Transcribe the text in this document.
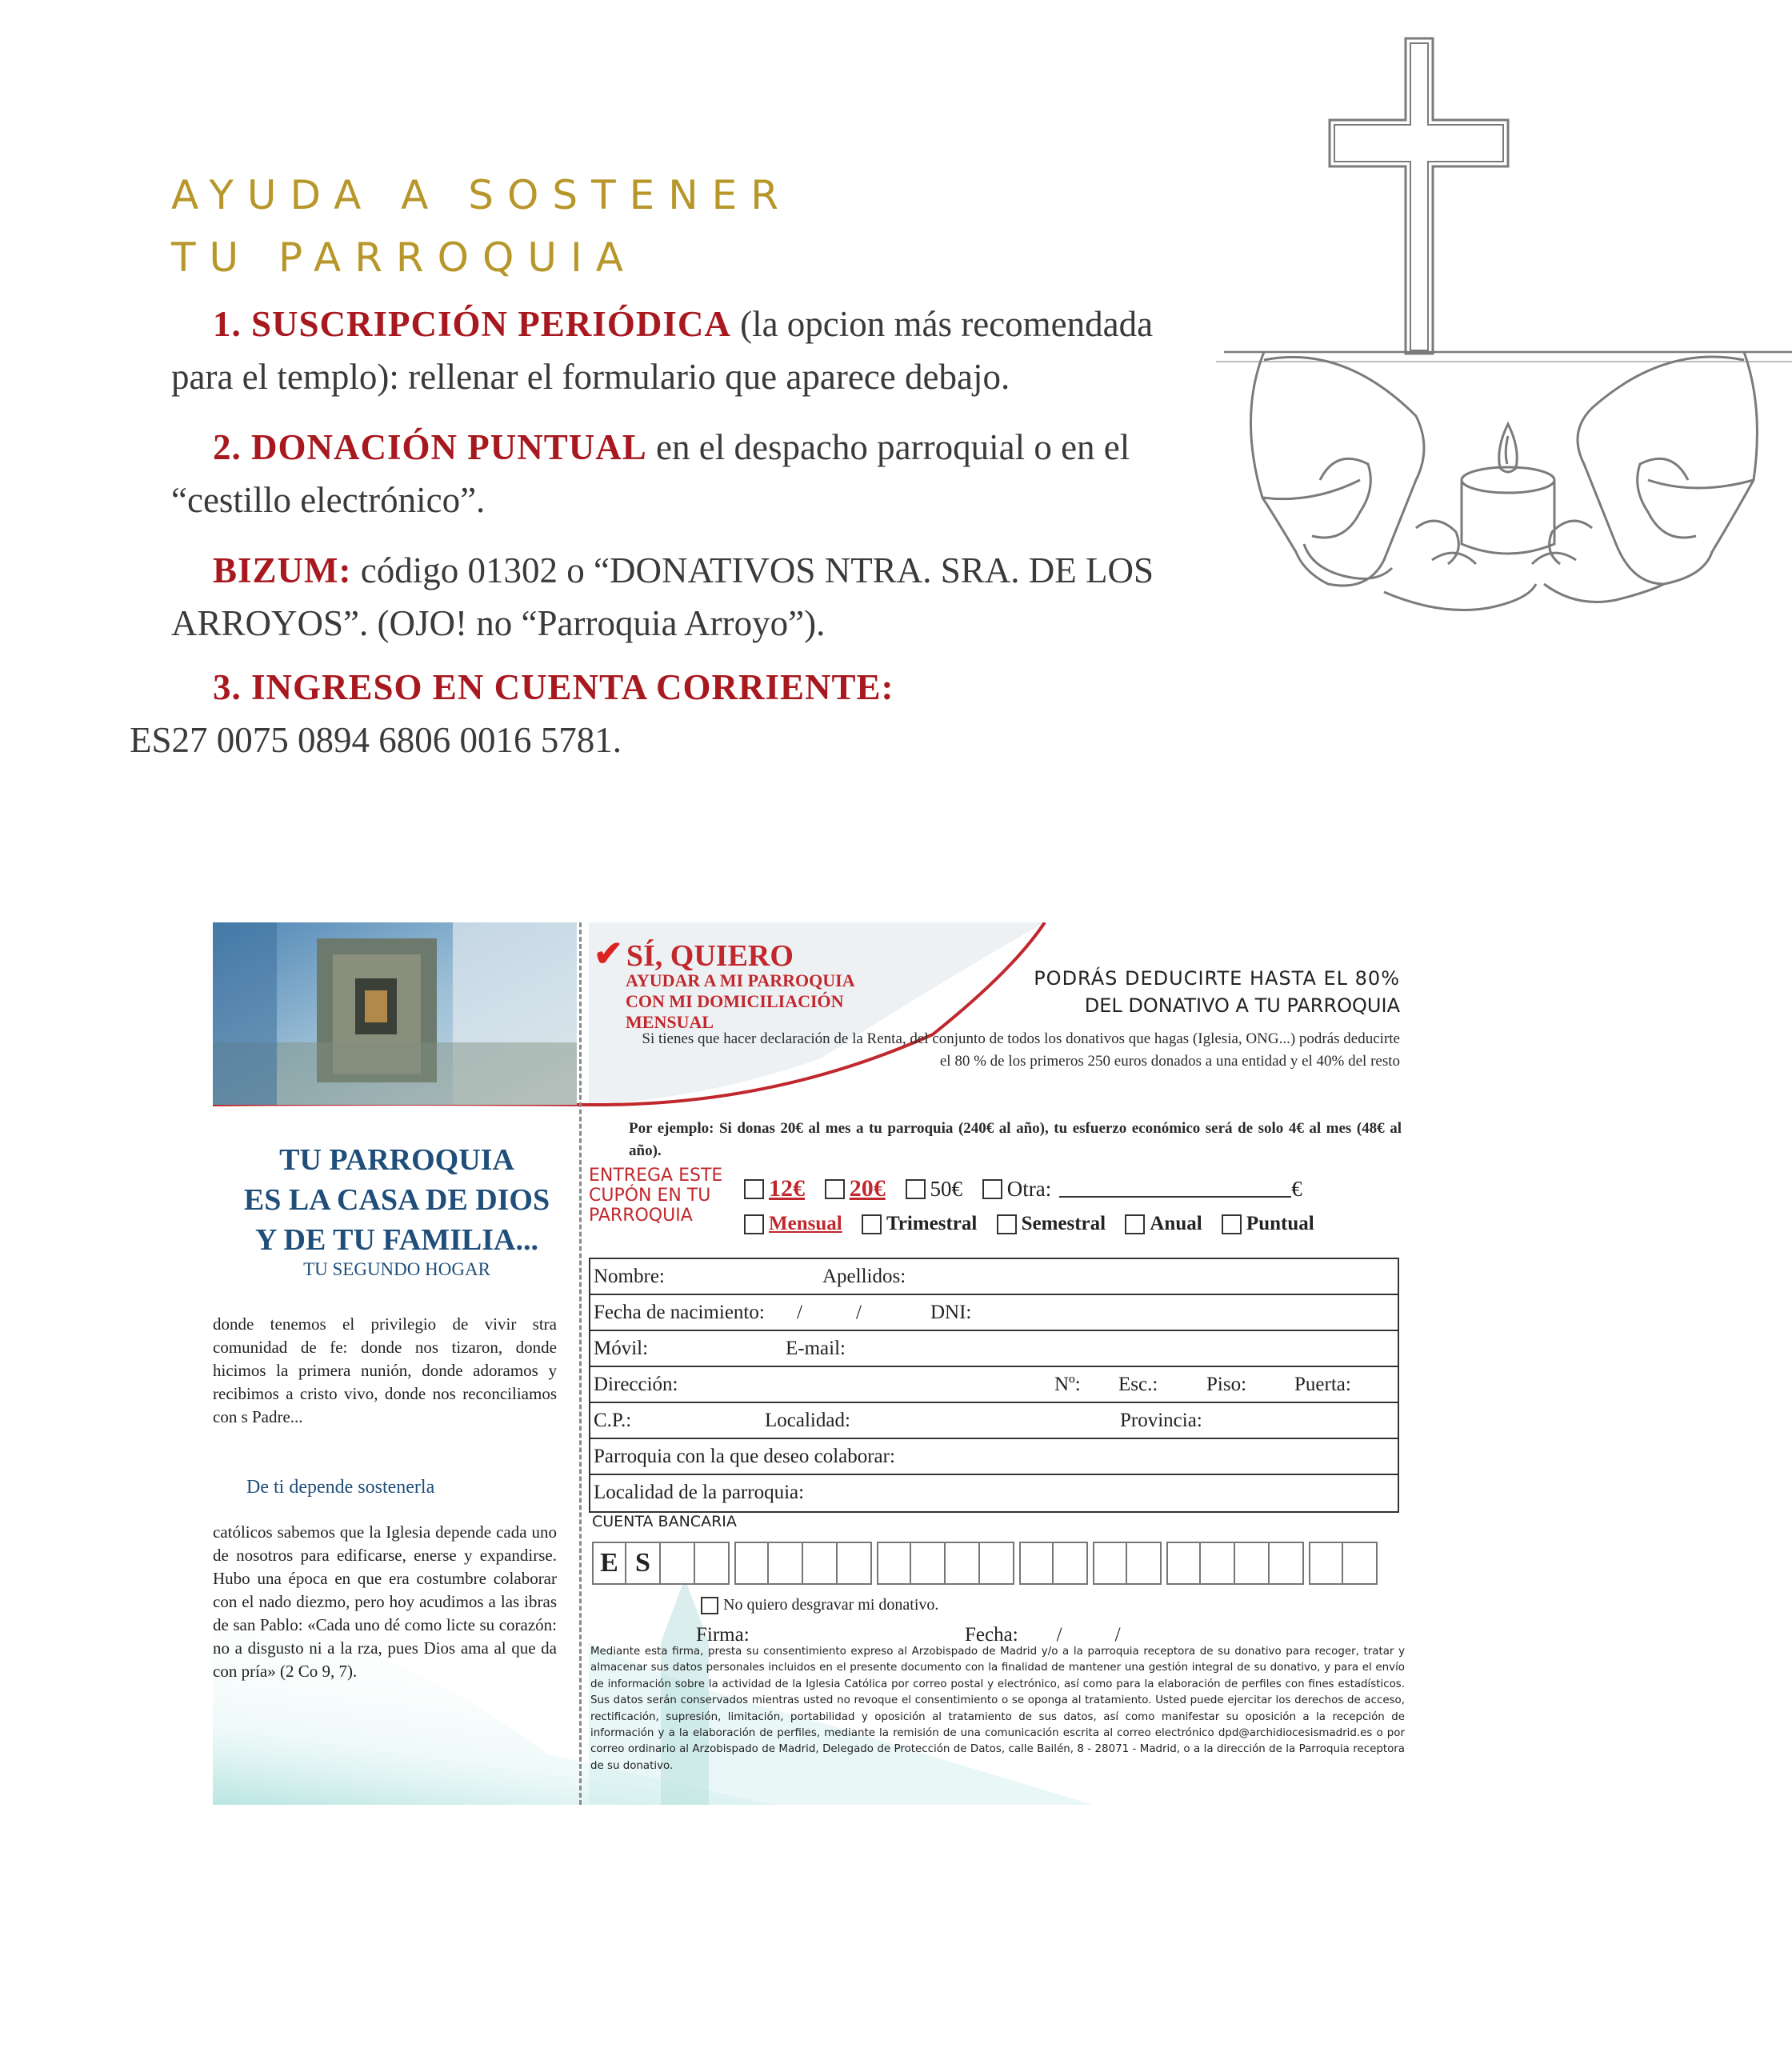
AYUDA A SOSTENER
TU PARROQUIA

1. SUSCRIPCIÓN PERIÓDICA (la opcion más recomendada para el templo): rellenar el formulario que aparece debajo.

2. DONACIÓN PUNTUAL en el despacho parroquial o en el “cestillo electrónico”.

BIZUM: código 01302 o “DONATIVOS NTRA. SRA. DE LOS ARROYOS”. (OJO! no “Parroquia Arroyo”).

3. INGRESO EN CUENTA CORRIENTE:
ES27 0075 0894 6806 0016 5781.

TU PARROQUIA
ES LA CASA DE DIOS
Y DE TU FAMILIA...
TU SEGUNDO HOGAR
donde tenemos el privilegio de vivir stra comunidad de fe: donde nos tizaron, donde hicimos la primera nunión, donde adoramos y recibimos a cristo vivo, donde nos reconciliamos con s Padre...
De ti depende sostenerla
católicos sabemos que la Iglesia depende cada uno de nosotros para edificarse, enerse y expandirse. Hubo una época en que era costumbre colaborar con el nado diezmo, pero hoy acudimos a las ibras de san Pablo: «Cada uno dé como licte su corazón: no a disgusto ni a la rza, pues Dios ama al que da con pría» (2 Co 9, 7).
✔ SÍ, QUIERO
AYUDAR A MI PARROQUIA
CON MI DOMICILIACIÓN
MENSUAL
PODRÁS DEDUCIRTE HASTA EL 80%
DEL DONATIVO A TU PARROQUIA
Si tienes que hacer declaración de la Renta, del conjunto de todos los donativos que hagas (Iglesia, ONG...) podrás deducirte el 80 % de los primeros 250 euros donados a una entidad y el 40% del resto
Por ejemplo: Si donas 20€ al mes a tu parroquia (240€ al año), tu esfuerzo económico será de solo 4€ al mes (48€ al año).
ENTREGA ESTE
CUPÓN EN TU
PARROQUIA
12€
20€
50€
Otra:	€
Mensual
Trimestral
Semestral
Anual
Puntual
Nombre:	Apellidos:
Fecha de nacimiento: /	/	DNI:
Móvil:	E-mail:
Dirección:	Nº: Esc.: Piso: Puerta:
C.P.:	Localidad:	Provincia:
Parroquia con la que deseo colaborar:
Localidad de la parroquia:
CUENTA BANCARIA
E S
No quiero desgravar mi donativo.
Firma:	Fecha: /	/
Mediante esta firma, presta su consentimiento expreso al Arzobispado de Madrid y/o a la parroquia receptora de su donativo para recoger, tratar y almacenar sus datos personales incluidos en el presente documento con la finalidad de mantener una gestión integral de su donativo, y para el envío de información sobre la actividad de la Iglesia Católica por correo postal y electrónico, así como para la elaboración de perfiles con fines estadísticos. Sus datos serán conservados mientras usted no revoque el consentimiento o se oponga al tratamiento. Usted puede ejercitar los derechos de acceso, rectificación, supresión, limitación, portabilidad y oposición al tratamiento de sus datos, así como manifestar su oposición a la recepción de información y a la elaboración de perfiles, mediante la remisión de una comunicación escrita al correo electrónico dpd@archidiocesismadrid.es o por correo ordinario al Arzobispado de Madrid, Delegado de Protección de Datos, calle Bailén, 8 - 28071 - Madrid, o a la dirección de la Parroquia receptora de su donativo.
